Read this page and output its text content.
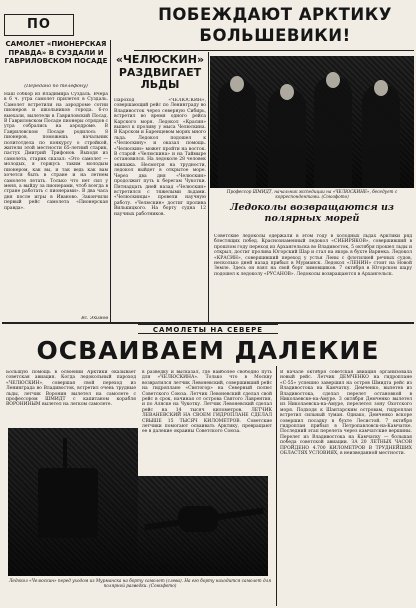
ПО
ПОБЕЖДАЮТ АРКТИКУ БОЛЬШЕВИКИ!
САМОЛЕТ «ПИОНЕРСКАЯ ПРАВДА» В СУЗДАЛИ И ГАВРИЛОВСКОМ ПОСАДЕ
(Передано по телефону)
Наш собкор из Владимира Суздаль. Вчера в 6 ч. утра самолет прилетел в Суздаль. Самолет встретили на аэродроме сотни пионеров и школьников города. 6-го выехали, вылетели в Гавриловский Посад. В Гавриловском Посаде пионеры отрядов с утра собрались на аэродроме. В Гавриловском Посаде родилось 8 пионеров, поможешь начальник политотдела по конкурсу о стройкой, жители этой местности 65-летний старик, пастух Дмитрий Трифонов. Выходя из самолета, старик сказал: «Это самолет — молодых, я горжусь таким молодым пионером, как вы, и так ведь как вам хочется быть в стране и на летнем самолете летать. Только что нет сил у меня, а выйду за пионерами, чтоб всегда в стране работать с пионерами». В два часа дня после игры в Иваново. Закончили первый рейс самолета «Пионерская правда».
Вс. Экимов
«ЧЕЛЮСКИН» РАЗДВИГАЕТ ЛЬДЫ
Пароход «ЧЕЛЮСКИН», совершающий рейс по Ленинграду во Владивосток через северную Сибирь, встретил во время одного рейса Карского моря. Ледокол «Красин» вышел к проливу у мыса Челюскина. В Карском и Баренцевом морях много льда. Ледокол подошел к «Челюскину» и оказал помощь. «Челюскин» может пройти на восток. В старой «Челюскина» и на Таймыре остановился. На ледоколе 28 человек экипажа. Несмотря на трудности, ледокол выйдет в открытое море. Через два дня «Челюскин» продолжит путь к берегам Чукотки. Пятнадцать дней назад «Челюскин» встретился с тяжелыми льдами. «Челюскинцы» провели научную работу. «Челюскин» достиг пролива Вилькицкого. На борту судна 12 научных работников.
Профессор ШМИДТ, начальник экспедиции на «ЧЕЛЮСКИНЕ», беседует с корреспондентами. (Союзфото)
Ледоколы возвращаются из полярных морей
Советские ледоколы одержали в этом году в холодных льдах Арктики ряд блестящих побед. Краснознаменный ледокол «СИБИРЯКОВ», совершивший в прошлом году переход из Архангельска во Владивосток, 5 октября прошел льды и открыл, достиг пролива Югорский Шар и стал на якорь в бухте Варнека. Ледокол «КРАСИН», совершивший переход у устья Лены с флотилией речных судов, несколько дней назад прибыл в Мурманск. Ледокол «ЛЕНИН» стоит на Новой Земле. Здесь он взял на свой борт зимовщиков. 7 октября в Югорском шару подошел к ледоколу «РУСАНОВ». Ледоколы возвращаются в Архангельск.
САМОЛЕТЫ НА СЕВЕРЕ
ОСВАИВАЕМ ДАЛЕКИЕ
Большую помощь в освоении Арктики оказывает советская авиация. Когда ледокольный пароход «ЧЕЛЮСКИН», совершая свой переход из Ленинграда во Владивосток, встретил очень трудные льды, летчик Воронин вылетел на самолете с профессором ШМИДТ с капитаном корабля ВОРОНИНЫМ вылетел на легком самолете.
в разведку и высказал, где наиболее свободно путь для «ЧЕЛЮСКИНА». Только что в Москву возвратился летчик Левоневский, совершивший рейс на гидроплане «Святогор» на Северный полюс Советского Союза. Летчик Левоневский сделал свой рейс в срок, начиная от острова Святого Лаврентия, и по Аляске на Чукотку. Летчик Левоневский сделал рейс на 14 тысяч километров. ЛЕТЧИК ЛЕВАНЕВСКИЙ НА СВОЕМ ГИДРОПЛАНЕ СДЕЛАЛ СВЫШЕ 15 ТЫСЯЧ КИЛОМЕТРОВ. Советские летчики помогают осваивать Арктику, превращают ее в далекие окраины Советского Союза.
В начале октября советская авиация организовала новый рейс. Летчик ДЕМЧЕНКО на гидроплане «С-55» успешно завершил на остров Шмидта рейс из Владивостока на Камчатку. Демченко, вылетев из Владивостока, сделал перелет остановкой в Николаевске-на-Амуре. 3 октября Демченко вылетел из Николаевска-на-Амуре, перелетел зону Охотского моря. Подходя к Шантарским островам, гидроплан встретил сильный туман. Однако, Демченко вскоре совершил посадку в бухте Лесистой. 7 октября гидроплан прибыл в Петропавловск-на-Камчатке. Последний этап перелета через камчатские вершины. Перелет из Владивостока на Камчатку — большая победа советской авиации. ЗА 20 ЛЕТНЫХ ЧАСОВ ПРОЙДЕНО 4.700 КИЛОМЕТРОВ В ТРУДНЕЙШИХ ОБЛАСТЯХ УСЛОВИЯХ, в неизведанной местности.
Ледокол «Челюскин» перед уходом из Мурманска на борту самолет (слева). На его борту находится самолет для полярной разведки. (Союзфото)
